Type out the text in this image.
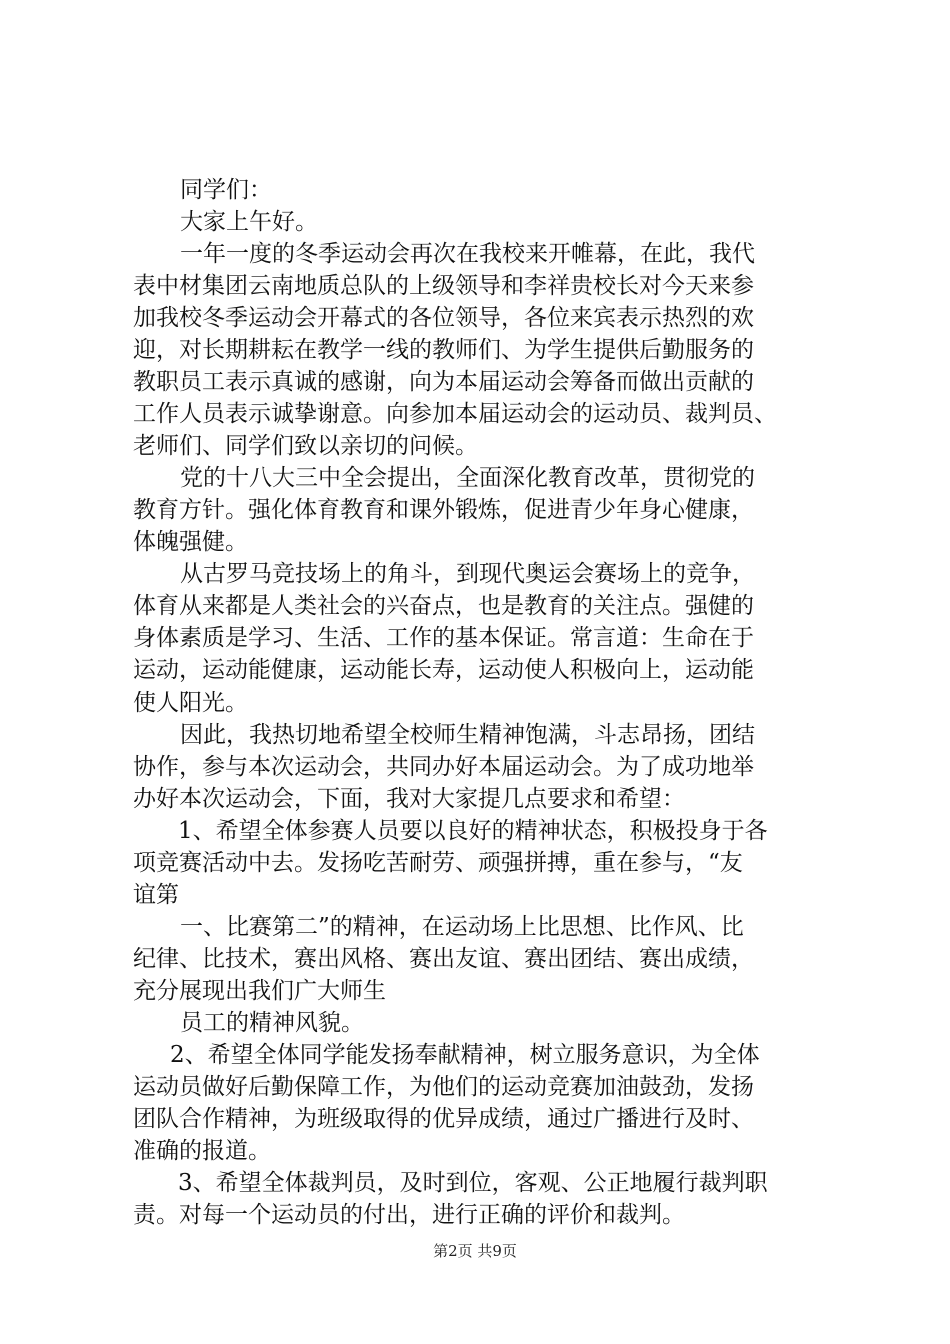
同学们：
大家上午好。
一年一度的冬季运动会再次在我校来开帷幕，在此，我代
表中材集团云南地质总队的上级领导和李祥贵校长对今天来参
加我校冬季运动会开幕式的各位领导，各位来宾表示热烈的欢
迎，对长期耕耘在教学一线的教师们、为学生提供后勤服务的
教职员工表示真诚的感谢，向为本届运动会筹备而做出贡献的
工作人员表示诚挚谢意。向参加本届运动会的运动员、裁判员、
老师们、同学们致以亲切的问候。
党的十八大三中全会提出，全面深化教育改革，贯彻党的
教育方针。强化体育教育和课外锻炼，促进青少年身心健康，
体魄强健。
从古罗马竞技场上的角斗，到现代奥运会赛场上的竞争，
体育从来都是人类社会的兴奋点，也是教育的关注点。强健的
身体素质是学习、生活、工作的基本保证。常言道：生命在于
运动，运动能健康，运动能长寿，运动使人积极向上，运动能
使人阳光。
因此，我热切地希望全校师生精神饱满，斗志昂扬，团结
协作，参与本次运动会，共同办好本届运动会。为了成功地举
办好本次运动会，下面，我对大家提几点要求和希望：
1、希望全体参赛人员要以良好的精神状态，积极投身于各
项竞赛活动中去。发扬吃苦耐劳、顽强拼搏，重在参与，“友
谊第
一、比赛第二”的精神，在运动场上比思想、比作风、比
纪律、比技术，赛出风格、赛出友谊、赛出团结、赛出成绩，
充分展现出我们广大师生
员工的精神风貌。
2、希望全体同学能发扬奉献精神，树立服务意识，为全体
运动员做好后勤保障工作，为他们的运动竞赛加油鼓劲，发扬
团队合作精神，为班级取得的优异成绩，通过广播进行及时、
准确的报道。
3、希望全体裁判员，及时到位，客观、公正地履行裁判职
责。对每一个运动员的付出，进行正确的评价和裁判。
第2页 共9页
